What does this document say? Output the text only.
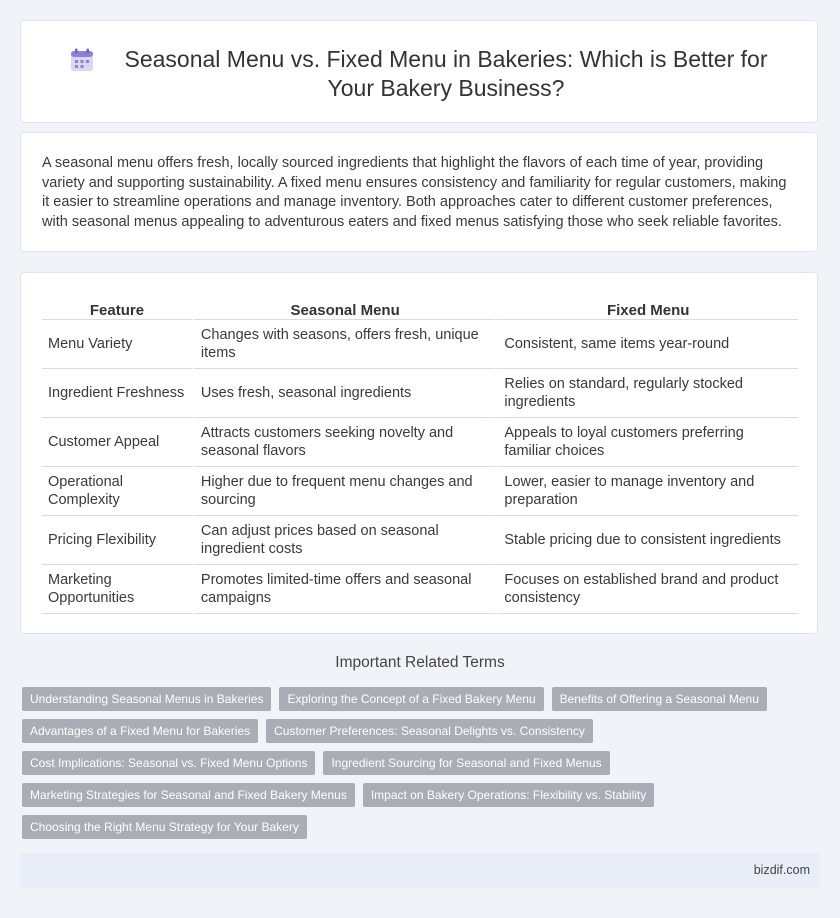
Seasonal Menu vs. Fixed Menu in Bakeries: Which is Better for Your Bakery Business?

A seasonal menu offers fresh, locally sourced ingredients that highlight the flavors of each time of year, providing variety and supporting sustainability. A fixed menu ensures consistency and familiarity for regular customers, making it easier to streamline operations and manage inventory. Both approaches cater to different customer preferences, with seasonal menus appealing to adventurous eaters and fixed menus satisfying those who seek reliable favorites.

Feature	Seasonal Menu	Fixed Menu
Menu Variety	Changes with seasons, offers fresh, unique items	Consistent, same items year-round
Ingredient Freshness	Uses fresh, seasonal ingredients	Relies on standard, regularly stocked ingredients
Customer Appeal	Attracts customers seeking novelty and seasonal flavors	Appeals to loyal customers preferring familiar choices
Operational Complexity	Higher due to frequent menu changes and sourcing	Lower, easier to manage inventory and preparation
Pricing Flexibility	Can adjust prices based on seasonal ingredient costs	Stable pricing due to consistent ingredients
Marketing Opportunities	Promotes limited-time offers and seasonal campaigns	Focuses on established brand and product consistency
Important Related Terms
Understanding Seasonal Menus in Bakeries	Exploring the Concept of a Fixed Bakery Menu	Benefits of Offering a Seasonal Menu
Advantages of a Fixed Menu for Bakeries	Customer Preferences: Seasonal Delights vs. Consistency
Cost Implications: Seasonal vs. Fixed Menu Options	Ingredient Sourcing for Seasonal and Fixed Menus
Marketing Strategies for Seasonal and Fixed Bakery Menus	Impact on Bakery Operations: Flexibility vs. Stability
Choosing the Right Menu Strategy for Your Bakery
bizdif.com
